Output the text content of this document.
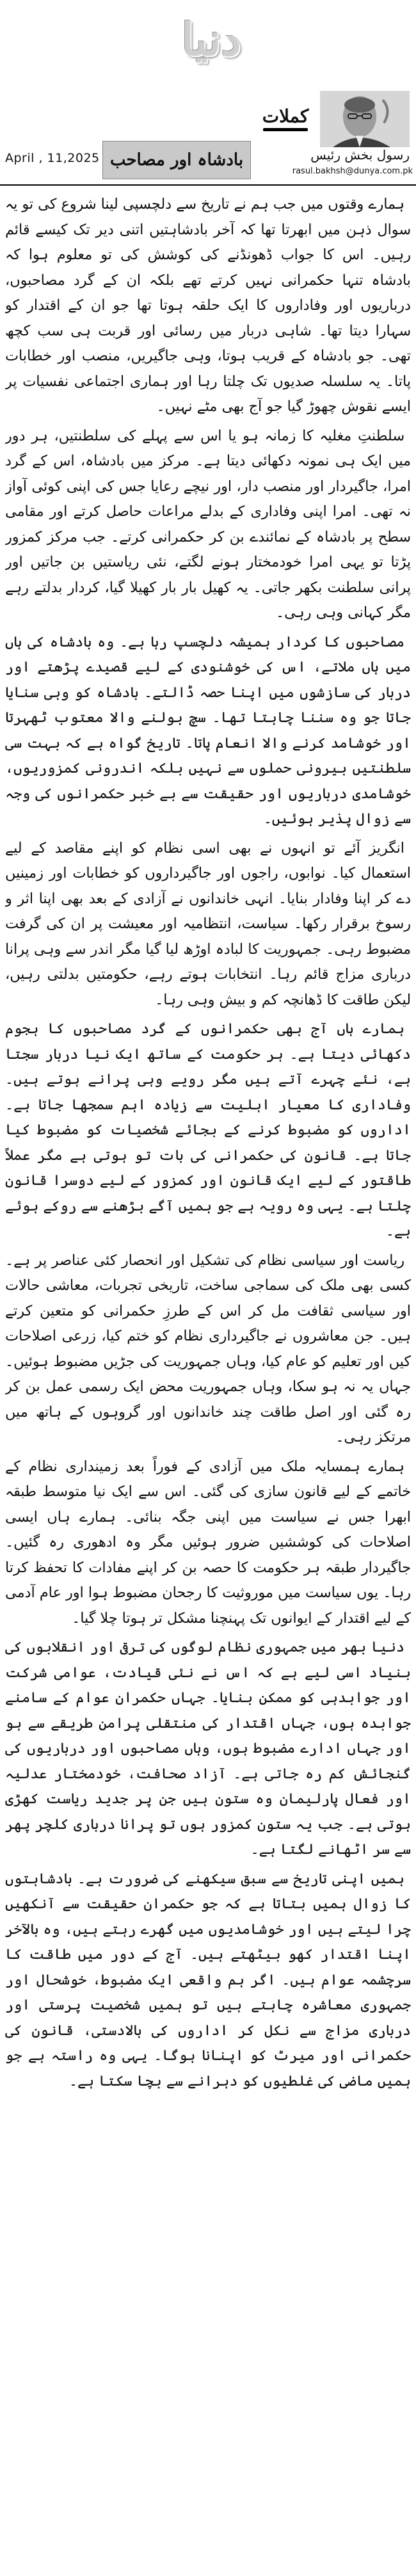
دنیا
April , 11,2025 بادشاہ اور مصاحب
کملات
رسول بخش رئیس
rasul.bakhsh@dunya.com.pk

ہمارے وقتوں میں جب ہم نے تاریخ سے دلچسپی لینا شروع کی تو یہ سوال ذہن میں ابھرتا تھا کہ آخر بادشاہتیں اتنی دیر تک کیسے قائم رہیں۔ اس کا جواب ڈھونڈنے کی کوشش کی تو معلوم ہوا کہ بادشاہ تنہا حکمرانی نہیں کرتے تھے بلکہ ان کے گرد مصاحبوں، درباریوں اور وفاداروں کا ایک حلقہ ہوتا تھا جو ان کے اقتدار کو سہارا دیتا تھا۔ شاہی دربار میں رسائی اور قربت ہی سب کچھ تھی۔ جو بادشاہ کے قریب ہوتا، وہی جاگیریں، منصب اور خطابات پاتا۔ یہ سلسلہ صدیوں تک چلتا رہا اور ہماری اجتماعی نفسیات پر ایسے نقوش چھوڑ گیا جو آج بھی مٹے نہیں۔

سلطنتِ مغلیہ کا زمانہ ہو یا اس سے پہلے کی سلطنتیں، ہر دور میں ایک ہی نمونہ دکھائی دیتا ہے۔ مرکز میں بادشاہ، اس کے گرد امرا، جاگیردار اور منصب دار، اور نیچے رعایا جس کی اپنی کوئی آواز نہ تھی۔ امرا اپنی وفاداری کے بدلے مراعات حاصل کرتے اور مقامی سطح پر بادشاہ کے نمائندے بن کر حکمرانی کرتے۔ جب مرکز کمزور پڑتا تو یہی امرا خودمختار ہونے لگتے، نئی ریاستیں بن جاتیں اور پرانی سلطنت بکھر جاتی۔ یہ کھیل بار بار کھیلا گیا، کردار بدلتے رہے مگر کہانی وہی رہی۔

مصاحبوں کا کردار ہمیشہ دلچسپ رہا ہے۔ وہ بادشاہ کی ہاں میں ہاں ملاتے، اس کی خوشنودی کے لیے قصیدے پڑھتے اور دربار کی سازشوں میں اپنا حصہ ڈالتے۔ بادشاہ کو وہی سنایا جاتا جو وہ سننا چاہتا تھا۔ سچ بولنے والا معتوب ٹھہرتا اور خوشامد کرنے والا انعام پاتا۔ تاریخ گواہ ہے کہ بہت سی سلطنتیں بیرونی حملوں سے نہیں بلکہ اندرونی کمزوریوں، خوشامدی درباریوں اور حقیقت سے بے خبر حکمرانوں کی وجہ سے زوال پذیر ہوئیں۔

انگریز آئے تو انہوں نے بھی اسی نظام کو اپنے مقاصد کے لیے استعمال کیا۔ نوابوں، راجوں اور جاگیرداروں کو خطابات اور زمینیں دے کر اپنا وفادار بنایا۔ انہی خاندانوں نے آزادی کے بعد بھی اپنا اثر و رسوخ برقرار رکھا۔ سیاست، انتظامیہ اور معیشت پر ان کی گرفت مضبوط رہی۔ جمہوریت کا لبادہ اوڑھ لیا گیا مگر اندر سے وہی پرانا درباری مزاج قائم رہا۔ انتخابات ہوتے رہے، حکومتیں بدلتی رہیں، لیکن طاقت کا ڈھانچہ کم و بیش وہی رہا۔

ہمارے ہاں آج بھی حکمرانوں کے گرد مصاحبوں کا ہجوم دکھائی دیتا ہے۔ ہر حکومت کے ساتھ ایک نیا دربار سجتا ہے، نئے چہرے آتے ہیں مگر رویے وہی پرانے ہوتے ہیں۔ وفاداری کا معیار اہلیت سے زیادہ اہم سمجھا جاتا ہے۔ اداروں کو مضبوط کرنے کے بجائے شخصیات کو مضبوط کیا جاتا ہے۔ قانون کی حکمرانی کی بات تو ہوتی ہے مگر عملاً طاقتور کے لیے ایک قانون اور کمزور کے لیے دوسرا قانون چلتا ہے۔ یہی وہ رویہ ہے جو ہمیں آگے بڑھنے سے روکے ہوئے ہے۔

ریاست اور سیاسی نظام کی تشکیل اور انحصار کئی عناصر پر ہے۔ کسی بھی ملک کی سماجی ساخت، تاریخی تجربات، معاشی حالات اور سیاسی ثقافت مل کر اس کے طرزِ حکمرانی کو متعین کرتے ہیں۔ جن معاشروں نے جاگیرداری نظام کو ختم کیا، زرعی اصلاحات کیں اور تعلیم کو عام کیا، وہاں جمہوریت کی جڑیں مضبوط ہوئیں۔ جہاں یہ نہ ہو سکا، وہاں جمہوریت محض ایک رسمی عمل بن کر رہ گئی اور اصل طاقت چند خاندانوں اور گروہوں کے ہاتھ میں مرتکز رہی۔

ہمارے ہمسایہ ملک میں آزادی کے فوراً بعد زمینداری نظام کے خاتمے کے لیے قانون سازی کی گئی۔ اس سے ایک نیا متوسط طبقہ ابھرا جس نے سیاست میں اپنی جگہ بنائی۔ ہمارے ہاں ایسی اصلاحات کی کوششیں ضرور ہوئیں مگر وہ ادھوری رہ گئیں۔ جاگیردار طبقہ ہر حکومت کا حصہ بن کر اپنے مفادات کا تحفظ کرتا رہا۔ یوں سیاست میں موروثیت کا رجحان مضبوط ہوا اور عام آدمی کے لیے اقتدار کے ایوانوں تک پہنچنا مشکل تر ہوتا چلا گیا۔

دنیا بھر میں جمہوری نظام لوگوں کی ترقی اور انقلابوں کی بنیاد اسی لیے ہے کہ اس نے نئی قیادت، عوامی شرکت اور جوابدہی کو ممکن بنایا۔ جہاں حکمران عوام کے سامنے جوابدہ ہوں، جہاں اقتدار کی منتقلی پرامن طریقے سے ہو اور جہاں ادارے مضبوط ہوں، وہاں مصاحبوں اور درباریوں کی گنجائش کم رہ جاتی ہے۔ آزاد صحافت، خودمختار عدلیہ اور فعال پارلیمان وہ ستون ہیں جن پر جدید ریاست کھڑی ہوتی ہے۔ جب یہ ستون کمزور ہوں تو پرانا درباری کلچر پھر سے سر اٹھانے لگتا ہے۔

ہمیں اپنی تاریخ سے سبق سیکھنے کی ضرورت ہے۔ بادشاہتوں کا زوال ہمیں بتاتا ہے کہ جو حکمران حقیقت سے آنکھیں چرا لیتے ہیں اور خوشامدیوں میں گھرے رہتے ہیں، وہ بالآخر اپنا اقتدار کھو بیٹھتے ہیں۔ آج کے دور میں طاقت کا سرچشمہ عوام ہیں۔ اگر ہم واقعی ایک مضبوط، خوشحال اور جمہوری معاشرہ چاہتے ہیں تو ہمیں شخصیت پرستی اور درباری مزاج سے نکل کر اداروں کی بالادستی، قانون کی حکمرانی اور میرٹ کو اپنانا ہوگا۔ یہی وہ راستہ ہے جو ہمیں ماضی کی غلطیوں کو دہرانے سے بچا سکتا ہے۔
